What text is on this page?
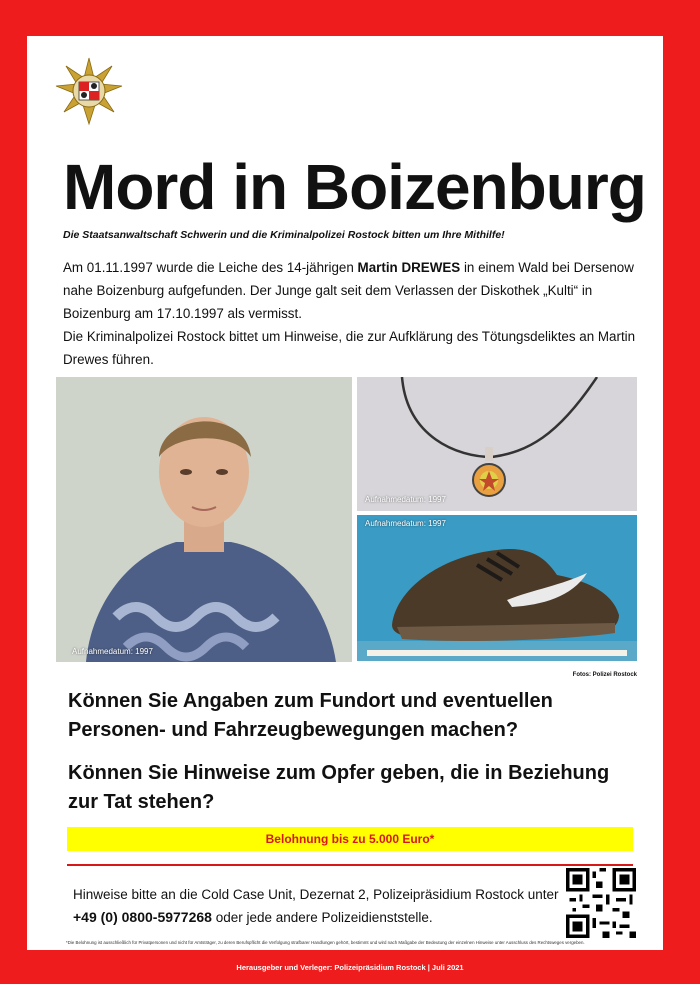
Mord in Boizenburg
Die Staatsanwaltschaft Schwerin und die Kriminalpolizei Rostock bitten um Ihre Mithilfe!

Am 01.11.1997 wurde die Leiche des 14-jährigen Martin DREWES in einem Wald bei Dersenow nahe Boizenburg aufgefunden. Der Junge galt seit dem Verlassen der Diskothek „Kulti“ in Boizenburg am 17.10.1997 als vermisst.

Die Kriminalpolizei Rostock bittet um Hinweise, die zur Aufklärung des Tötungsdeliktes an Martin Drewes führen.

Aufnahmedatum: 1997
Aufnahmedatum: 1997
Aufnahmedatum: 1997
Fotos: Polizei Rostock
Können Sie Angaben zum Fundort und eventuellen Personen- und Fahrzeugbewegungen machen?
Können Sie Hinweise zum Opfer geben, die in Beziehung zur Tat stehen?
Belohnung bis zu 5.000 Euro*
Hinweise bitte an die Cold Case Unit, Dezernat 2, Polizeipräsidium Rostock unter
+49 (0) 0800-5977268 oder jede andere Polizeidienststelle.
*Die Belohnung ist ausschließlich für Privatpersonen und nicht für Amtsträger, zu deren Berufspflicht die Verfolgung strafbarer Handlungen gehört, bestimmt und wird nach Maßgabe der Bedeutung der einzelnen Hinweise unter Ausschluss des Rechtsweges vergeben.
Herausgeber und Verleger: Polizeipräsidium Rostock | Juli 2021
